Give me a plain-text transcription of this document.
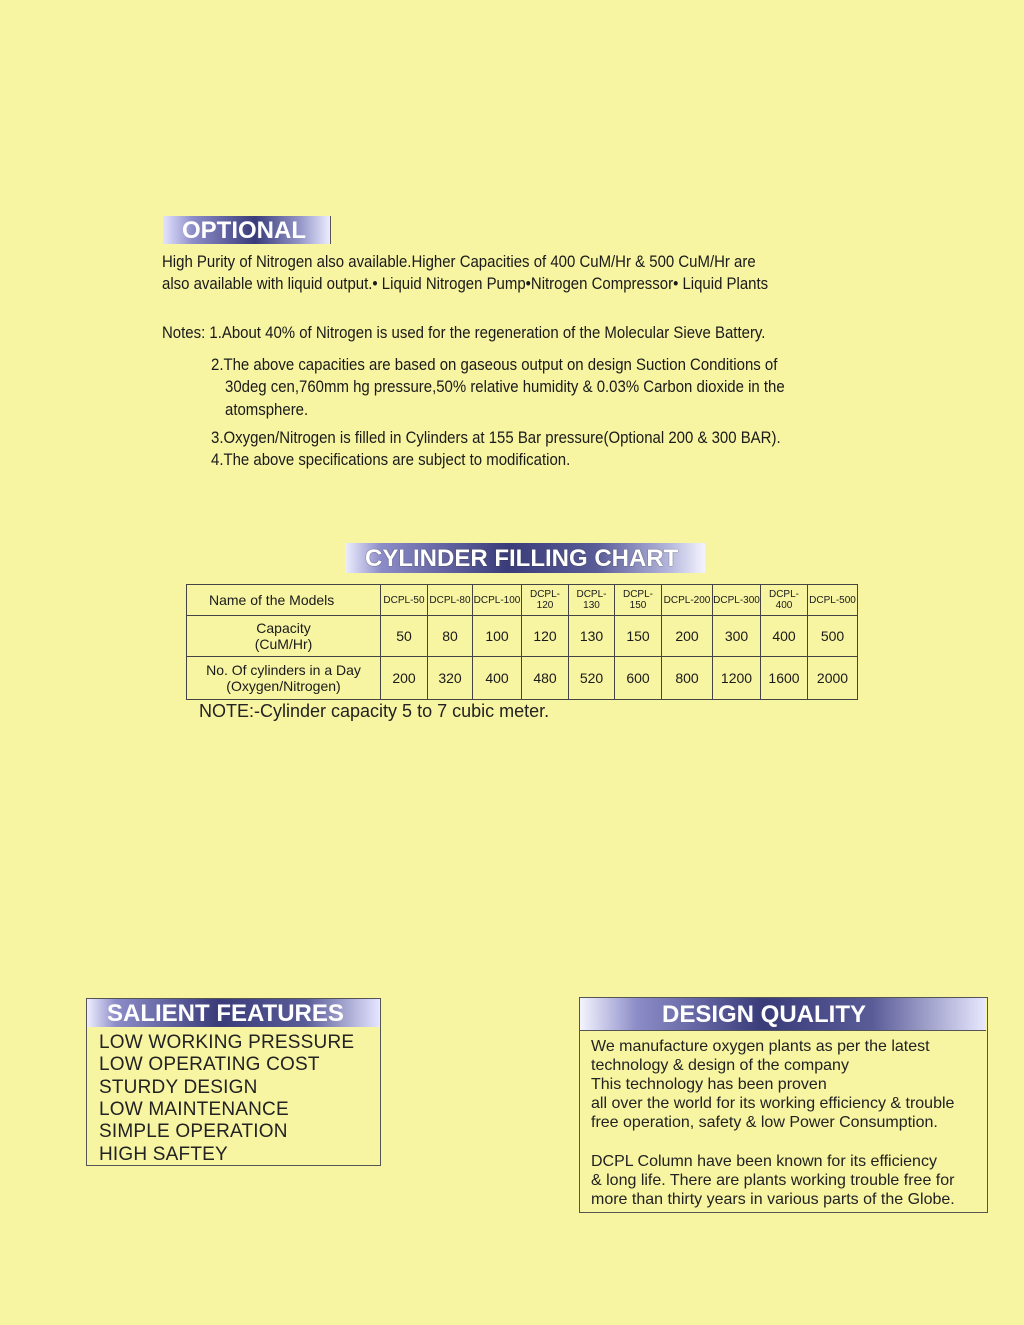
OPTIONAL
High Purity of Nitrogen also available.Higher Capacities of 400 CuM/Hr & 500 CuM/Hr are
also available with liquid output.• Liquid Nitrogen Pump•Nitrogen Compressor• Liquid Plants
Notes: 1.About 40% of Nitrogen is used for the regeneration of the Molecular Sieve Battery.
2.The above capacities are based on gaseous output on design Suction Conditions of
30deg cen,760mm hg pressure,50% relative humidity & 0.03% Carbon dioxide in the
atomsphere.
3.Oxygen/Nitrogen is filled in Cylinders at 155 Bar pressure(Optional 200 & 300 BAR).
4.The above specifications are subject to modification.
CYLINDER FILLING CHART
Name of the Models	DCPL-50	DCPL-80	DCPL-100	DCPL-120	DCPL-130	DCPL-150	DCPL-200	DCPL-300	DCPL-400	DCPL-500

Capacity
(CuM/Hr)	50	80	100	120	130	150	200	300	400	500

No. Of cylinders in a Day
(Oxygen/Nitrogen)	200	320	400	480	520	600	800	1200	1600	2000
NOTE:-Cylinder capacity 5 to 7 cubic meter.
SALIENT FEATURES
LOW WORKING PRESSURE
LOW OPERATING COST
STURDY DESIGN
LOW MAINTENANCE
SIMPLE OPERATION
HIGH SAFTEY
DESIGN QUALITY
We manufacture oxygen plants as per the latest
technology & design of the company
This technology has been proven
all over the world for its working efficiency & trouble
free operation, safety & low Power Consumption.
DCPL Column have been known for its efficiency
& long life. There are plants working trouble free for
more than thirty years in various parts of the Globe.
